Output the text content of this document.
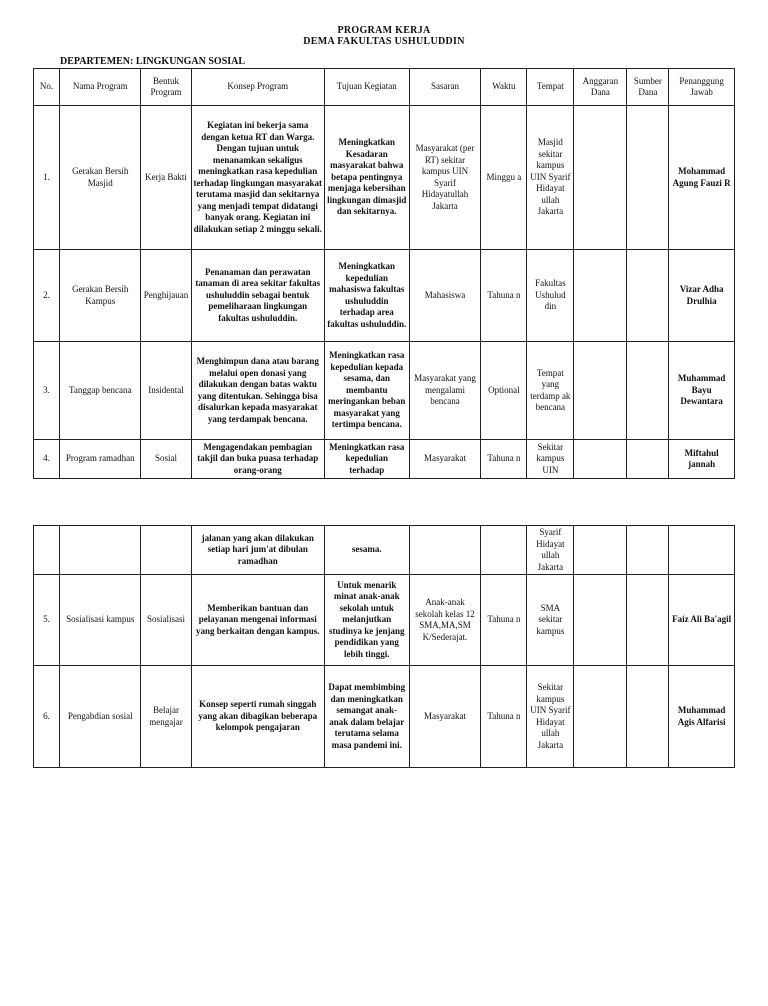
PROGRAM KERJA
DEMA FAKULTAS USHULUDDIN
DEPARTEMEN: LINGKUNGAN SOSIAL
No.	Nama Program	Bentuk Program	Konsep Program	Tujuan Kegiatan	Sasaran	Waktu	Tempat	Anggaran Dana	Sumber Dana	Penanggung Jawab
1.	Gerakan Bersih Masjid	Kerja Bakti	Kegiatan ini bekerja sama dengan ketua RT dan Warga. Dengan tujuan untuk menanamkan sekaligus meningkatkan rasa kepedulian terhadap lingkungan masyarakat terutama masjid dan sekitarnya yang menjadi tempat didatangi banyak orang. Kegiatan ini dilakukan setiap 2 minggu sekali.	Meningkatkan Kesadaran masyarakat bahwa betapa pentingnya menjaga kebersihan lingkungan dimasjid dan sekitarnya.	Masyarakat (per RT) sekitar kampus UIN Syarif Hidayatullah Jakarta	Minggu a	Masjid sekitar kampus UIN Syarif Hidayat ullah Jakarta			Mohammad Agung Fauzi R
2.	Gerakan Bersih Kampus	Penghijauan	Penanaman dan perawatan tanaman di area sekitar fakultas ushuluddin sebagai bentuk pemeliharaan lingkungan fakultas ushuluddin.	Meningkatkan kepedulian mahasiswa fakultas ushuluddin terhadap area fakultas ushuluddin.	Mahasiswa	Tahuna n	Fakultas Ushulud din			Vizar Adha Drulhia
3.	Tanggap bencana	Insidental	Menghimpun dana atau barang melalui open donasi yang dilakukan dengan batas waktu yang ditentukan. Sehingga bisa disalurkan kepada masyarakat yang terdampak bencana.	Meningkatkan rasa kepedulian kepada sesama, dan membantu meringankan beban masyarakat yang tertimpa bencana.	Masyarakat yang mengalami bencana	Optional	Tempat yang terdamp ak bencana			Muhammad Bayu Dewantara
4.	Program ramadhan	Sosial	Mengagendakan pembagian takjil dan buka puasa terhadap orang-orang	Meningkatkan rasa kepedulian terhadap	Masyarakat	Tahuna n	Sekitar kampus UIN			Miftahul jannah
			jalanan yang akan dilakukan setiap hari jum'at dibulan ramadhan	sesama.			Syarif Hidayat ullah Jakarta			
5.	Sosialisasi kampus	Sosialisasi	Memberikan bantuan dan pelayanan mengenai informasi yang berkaitan dengan kampus.	Untuk menarik minat anak-anak sekolah untuk melanjutkan studinya ke jenjang pendidikan yang lebih tinggi.	Anak-anak sekolah kelas 12 SMA,MA,SM K/Sederajat.	Tahuna n	SMA sekitar kampus			Faiz Ali Ba'agil
6.	Pengabdian sosial	Belajar mengajar	Konsep seperti rumah singgah yang akan dibagikan beberapa kelompok pengajaran	Dapat membimbing dan meningkatkan semangat anak-anak dalam belajar terutama selama masa pandemi ini.	Masyarakat	Tahuna n	Sekitar kampus UIN Syarif Hidayat ullah Jakarta			Muhammad Agis Alfarisi
